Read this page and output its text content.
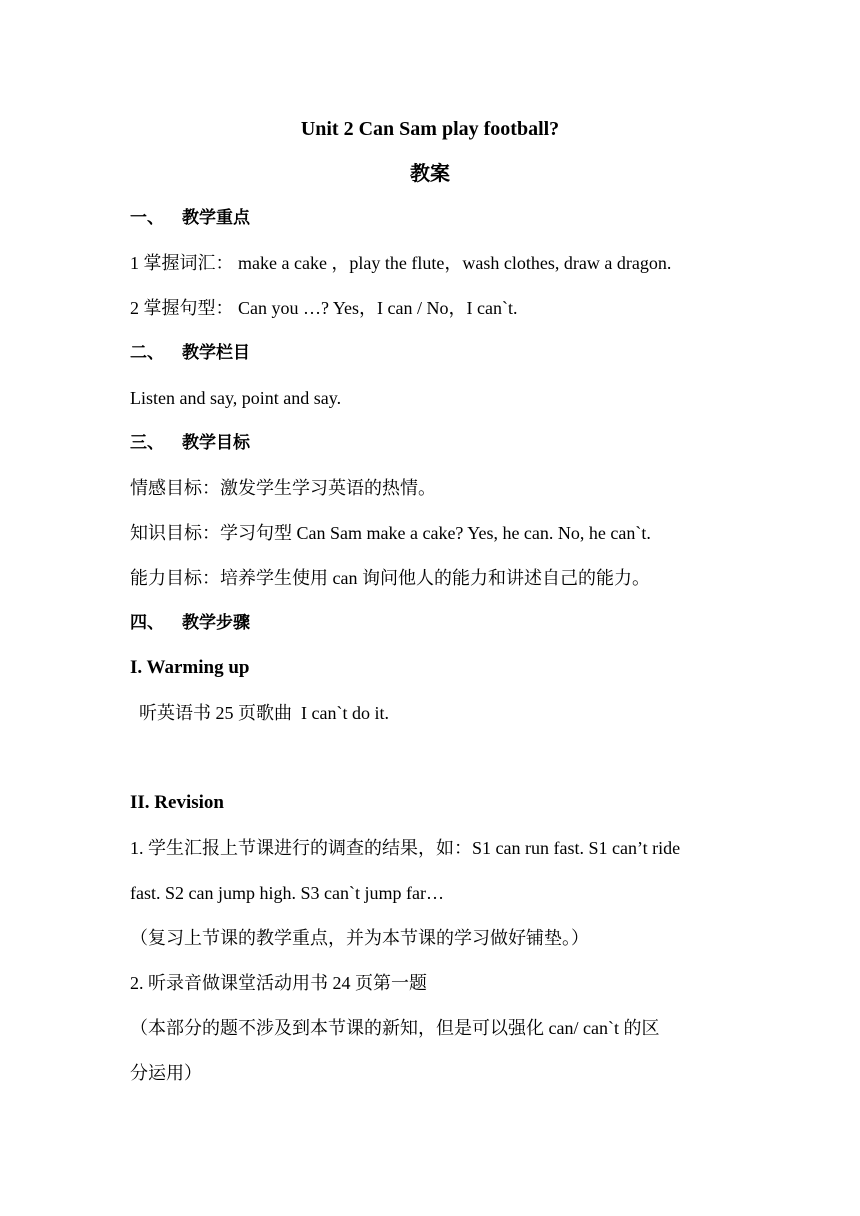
Unit 2 Can Sam play football?
教案
一、 教学重点
1 掌握词汇： make a cake ，play the flute，wash clothes, draw a dragon.
2 掌握句型： Can you …? Yes，I can / No，I can`t.
二、 教学栏目
Listen and say, point and say.
三、 教学目标
情感目标：激发学生学习英语的热情。
知识目标：学习句型 Can Sam make a cake? Yes, he can. No, he can`t.
能力目标：培养学生使用 can 询问他人的能力和讲述自己的能力。
四、 教学步骤
I. Warming up
听英语书 25 页歌曲  I can`t do it.
II. Revision
1. 学生汇报上节课进行的调查的结果，如：S1 can run fast. S1 can’t ride
fast. S2 can jump high. S3 can`t jump far…
（复习上节课的教学重点，并为本节课的学习做好铺垫。）
2. 听录音做课堂活动用书 24 页第一题
（本部分的题不涉及到本节课的新知，但是可以强化 can/ can`t 的区
分运用）
